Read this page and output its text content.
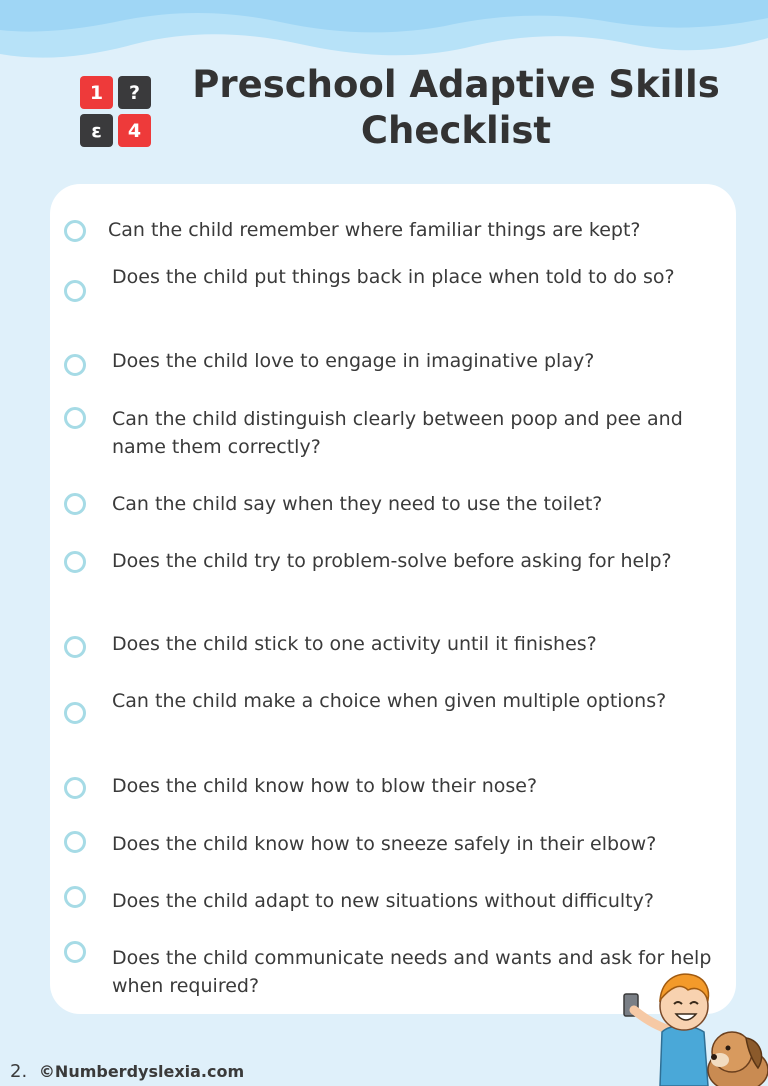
1	?
ε	4
Preschool Adaptive Skills
Checklist
Can the child remember where familiar things are kept?
Does the child put things back in place when told to do so?
Does the child love to engage in imaginative play?
Can the child distinguish clearly between poop and pee and name them correctly?
Can the child say when they need to use the toilet?
Does the child try to problem-solve before asking for help?
Does the child stick to one activity until it finishes?
Can the child make a choice when given multiple options?
Does the child know how to blow their nose?
Does the child know how to sneeze safely in their elbow?
Does the child adapt to new situations without difficulty?
Does the child communicate needs and wants and ask for help when required?
2. ©Numberdyslexia.com
